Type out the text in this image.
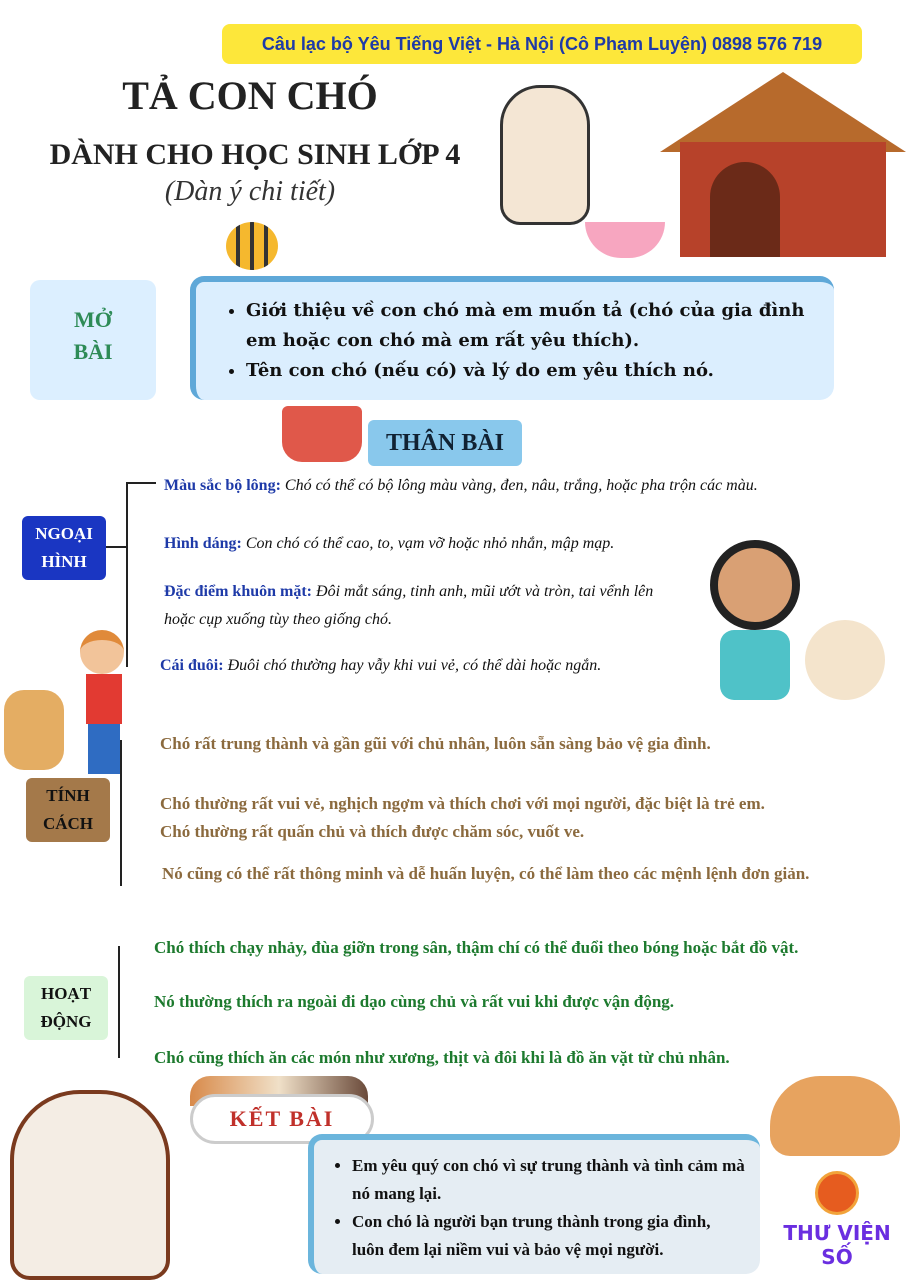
Câu lạc bộ Yêu Tiếng Việt - Hà Nội (Cô Phạm Luyện) 0898 576 719
TẢ CON CHÓ
DÀNH CHO HỌC SINH LỚP 4
(Dàn ý chi tiết)
MỞ
BÀI
• Giới thiệu về con chó mà em muốn tả (chó của gia đình em hoặc con chó mà em rất yêu thích).
• Tên con chó (nếu có) và lý do em yêu thích nó.
THÂN BÀI
NGOẠI
HÌNH
Màu sắc bộ lông: Chó có thể có bộ lông màu vàng, đen, nâu, trắng, hoặc pha trộn các màu.
Hình dáng: Con chó có thể cao, to, vạm vỡ hoặc nhỏ nhắn, mập mạp.
Đặc điểm khuôn mặt: Đôi mắt sáng, tinh anh, mũi ướt và tròn, tai vểnh lên hoặc cụp xuống tùy theo giống chó.
Cái đuôi: Đuôi chó thường hay vẫy khi vui vẻ, có thể dài hoặc ngắn.
TÍNH
CÁCH
Chó rất trung thành và gần gũi với chủ nhân, luôn sẵn sàng bảo vệ gia đình.
Chó thường rất vui vẻ, nghịch ngợm và thích chơi với mọi người, đặc biệt là trẻ em.
Chó thường rất quấn chủ và thích được chăm sóc, vuốt ve.
Nó cũng có thể rất thông minh và dễ huấn luyện, có thể làm theo các mệnh lệnh đơn giản.
HOẠT
ĐỘNG
Chó thích chạy nhảy, đùa giỡn trong sân, thậm chí có thể đuổi theo bóng hoặc bắt đồ vật.
Nó thường thích ra ngoài đi dạo cùng chủ và rất vui khi được vận động.
Chó cũng thích ăn các món như xương, thịt và đôi khi là đồ ăn vặt từ chủ nhân.
KẾT BÀI
• Em yêu quý con chó vì sự trung thành và tình cảm mà nó mang lại.
• Con chó là người bạn trung thành trong gia đình, luôn đem lại niềm vui và bảo vệ mọi người.
THƯ VIỆN SỐ
